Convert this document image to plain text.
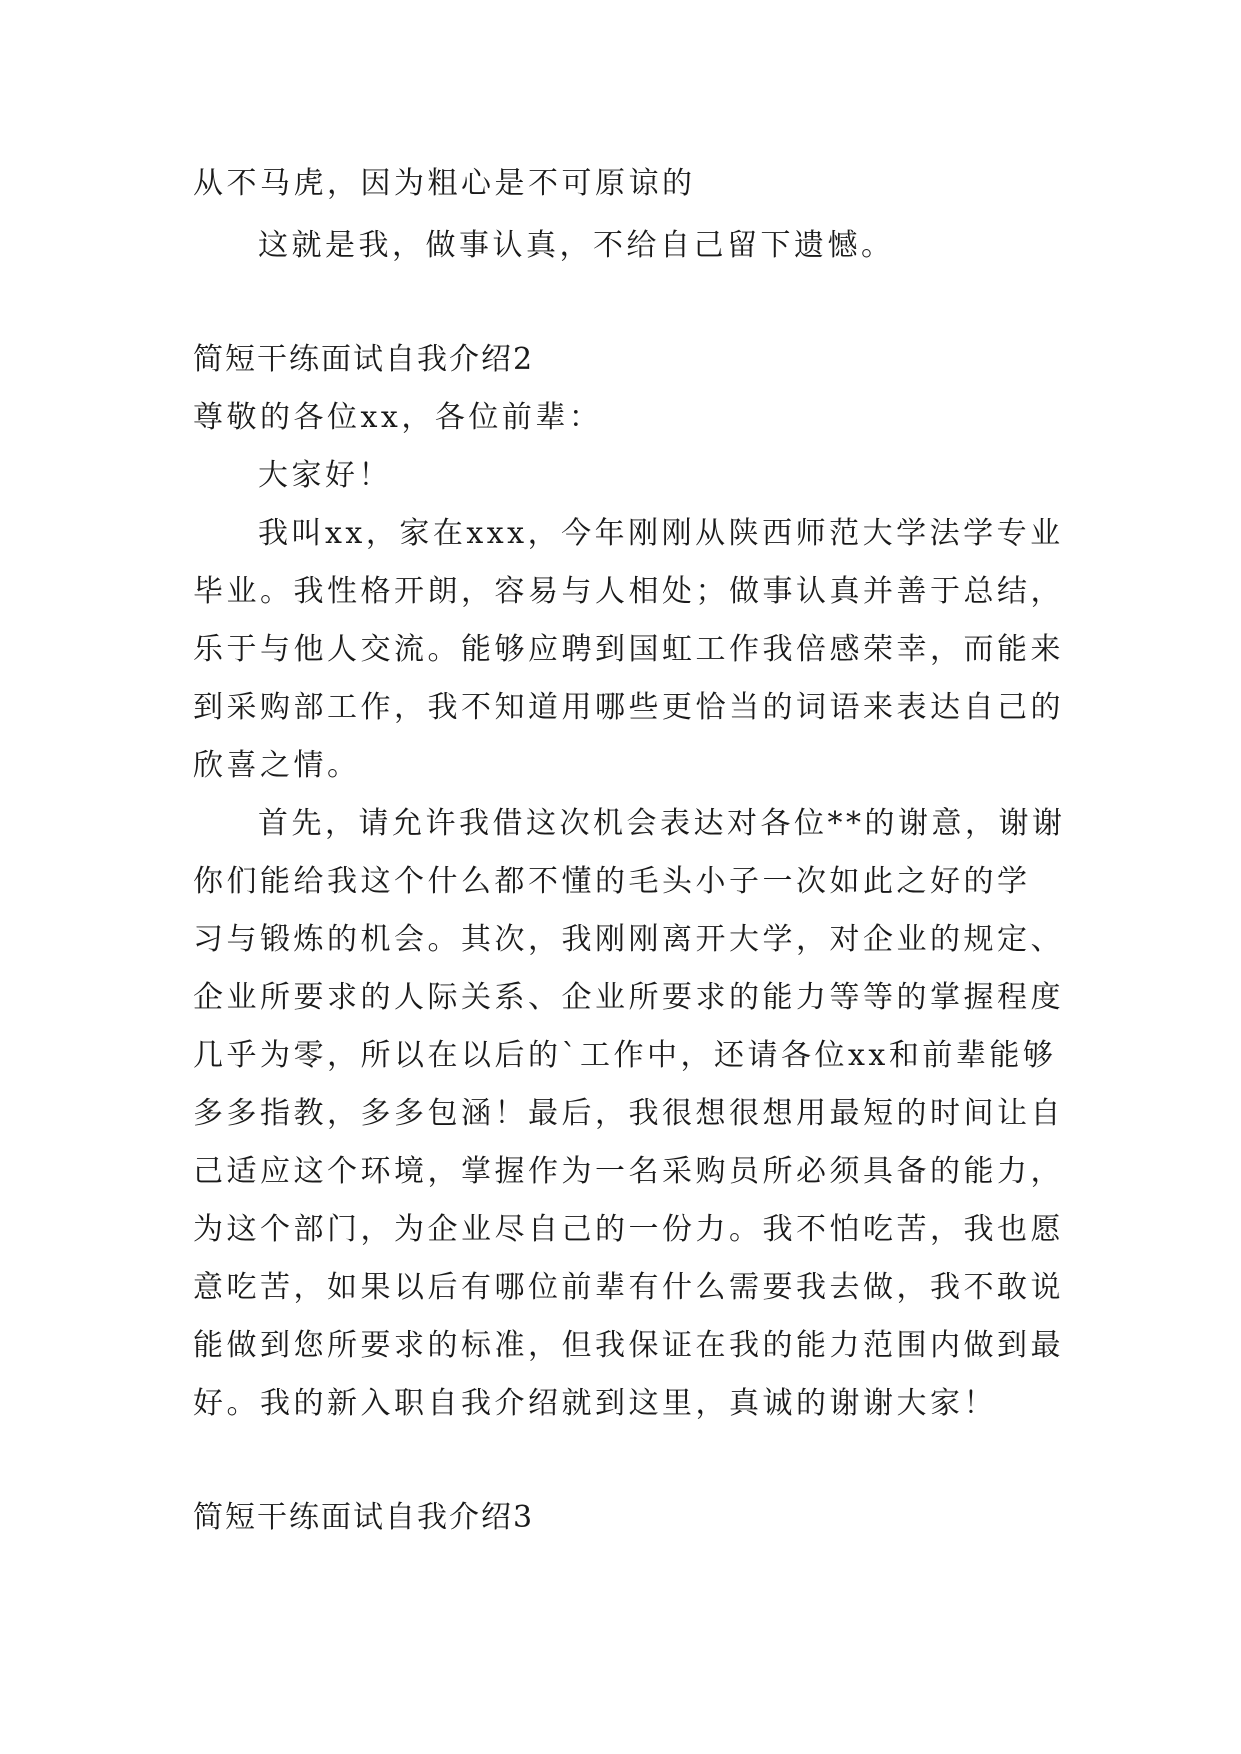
从不马虎，因为粗心是不可原谅的
这就是我，做事认真，不给自己留下遗憾。
简短干练面试自我介绍2
尊敬的各位xx，各位前辈：
大家好！
我叫xx，家在xxx，今年刚刚从陕西师范大学法学专业
毕业。我性格开朗，容易与人相处；做事认真并善于总结，
乐于与他人交流。能够应聘到国虹工作我倍感荣幸，而能来
到采购部工作，我不知道用哪些更恰当的词语来表达自己的
欣喜之情。
首先，请允许我借这次机会表达对各位**的谢意，谢谢
你们能给我这个什么都不懂的毛头小子一次如此之好的学
习与锻炼的机会。其次，我刚刚离开大学，对企业的规定、
企业所要求的人际关系、企业所要求的能力等等的掌握程度
几乎为零，所以在以后的`工作中，还请各位xx和前辈能够
多多指教，多多包涵！最后，我很想很想用最短的时间让自
己适应这个环境，掌握作为一名采购员所必须具备的能力，
为这个部门，为企业尽自己的一份力。我不怕吃苦，我也愿
意吃苦，如果以后有哪位前辈有什么需要我去做，我不敢说
能做到您所要求的标准，但我保证在我的能力范围内做到最
好。我的新入职自我介绍就到这里，真诚的谢谢大家！
简短干练面试自我介绍3
